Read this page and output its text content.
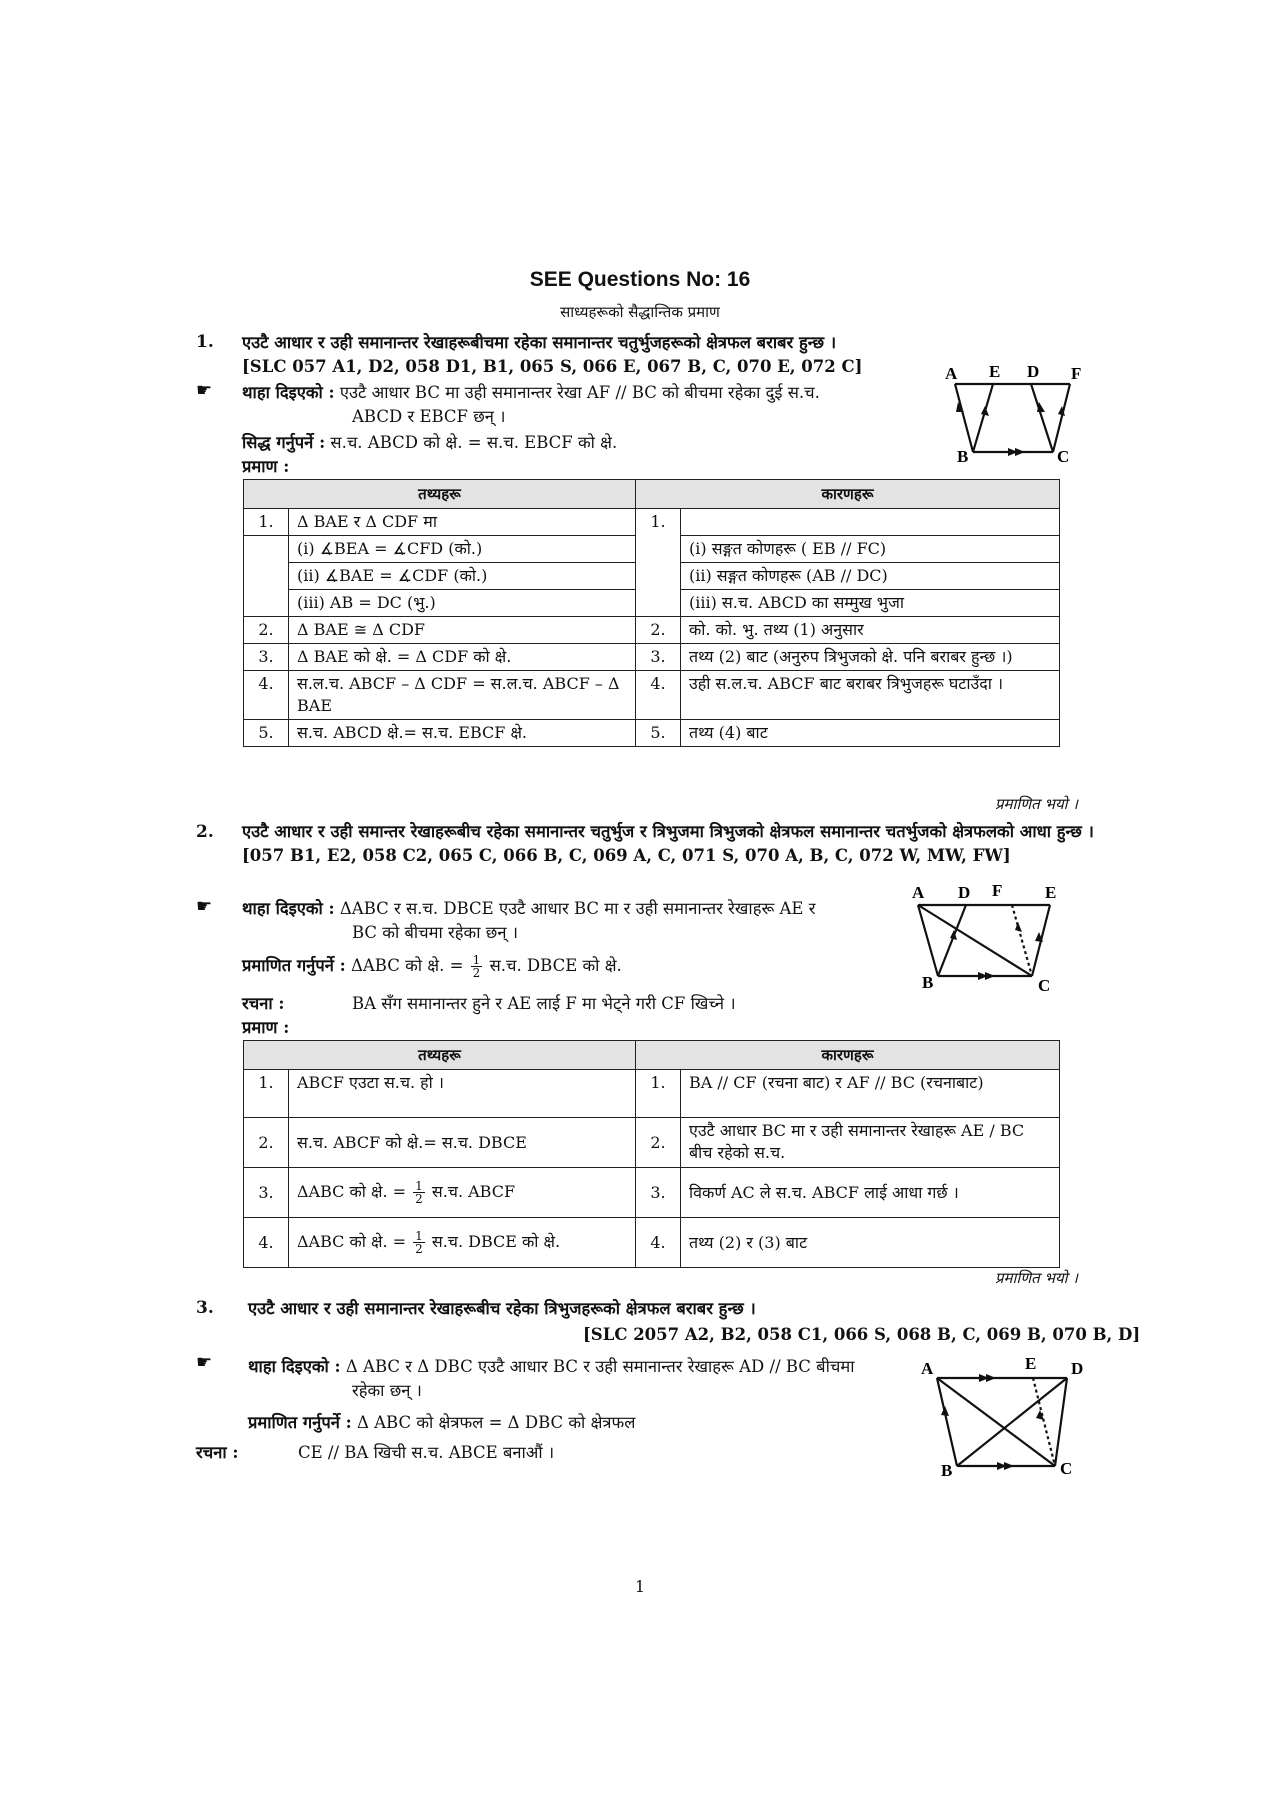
SEE Questions No: 16
साध्यहरूको सैद्धान्तिक प्रमाण
1. एउटै आधार र उही समानान्तर रेखाहरूबीचमा रहेका समानान्तर चतुर्भुजहरूको क्षेत्रफल बराबर हुन्छ ।
[SLC 057 A1, D2, 058 D1, B1, 065 S, 066 E, 067 B, C, 070 E, 072 C]
☛ थाहा दिइएको : एउटै आधार BC मा उही समानान्तर रेखा AF // BC को बीचमा रहेका दुई स.च.
ABCD र EBCF छन् ।
सिद्ध गर्नुपर्ने : स.च. ABCD को क्षे. = स.च. EBCF को क्षे.
प्रमाण :
A E D F
B	C
तथ्यहरू		कारणहरू	
1.	Δ BAE र Δ CDF मा	1.	
	(i) ∡BEA = ∡CFD (को.)		(i) सङ्गत कोणहरू ( EB // FC)
	(ii) ∡BAE = ∡CDF (को.)		(ii) सङ्गत कोणहरू (AB // DC)
	(iii) AB = DC (भु.)		(iii) स.च. ABCD का सम्मुख भुजा
2.	Δ BAE ≅ Δ CDF	2.	को. को. भु. तथ्य (1) अनुसार
3.	Δ BAE को क्षे. = Δ CDF को क्षे.	3.	तथ्य (2) बाट (अनुरुप त्रिभुजको क्षे. पनि बराबर हुन्छ ।)
4.	स.ल.च. ABCF – Δ CDF = स.ल.च. ABCF – Δ BAE	4.	उही स.ल.च. ABCF बाट बराबर त्रिभुजहरू घटाउँदा ।
5.	स.च. ABCD क्षे.= स.च. EBCF क्षे.	5.	तथ्य (4) बाट
प्रमाणित भयो ।
2. एउटै आधार र उही समान्तर रेखाहरूबीच रहेका समानान्तर चतुर्भुज र त्रिभुजमा त्रिभुजको क्षेत्रफल समानान्तर चतर्भुजको क्षेत्रफलको आधा हुन्छ । [057 B1, E2, 058 C2, 065 C, 066 B, C, 069 A, C, 071 S, 070 A, B, C, 072 W, MW, FW]
☛ थाहा दिइएको : ΔABC र स.च. DBCE एउटै आधार BC मा र उही समानान्तर रेखाहरू AE र
BC को बीचमा रहेका छन् ।
प्रमाणित गर्नुपर्ने : ΔABC को क्षे. = $\frac{1}{2}$ स.च. DBCE को क्षे.
रचना :	BA सँग समानान्तर हुने र AE लाई F मा भेट्ने गरी CF खिच्ने ।
प्रमाण :
A D F	E
B	C
तथ्यहरू		कारणहरू	
1.	ABCF एउटा स.च. हो ।	1.	BA // CF (रचना बाट) र AF // BC (रचनाबाट)
2.	स.च. ABCF को क्षे.= स.च. DBCE	2.	एउटै आधार BC मा र उही समानान्तर रेखाहरू AE / BC बीच रहेको स.च.
3.	ΔABC को क्षे. = $\frac{1}{2}$ स.च. ABCF	3.	विकर्ण AC ले स.च. ABCF लाई आधा गर्छ ।
4.	ΔABC को क्षे. = $\frac{1}{2}$ स.च. DBCE को क्षे.	4.	तथ्य (2) र (3) बाट
प्रमाणित भयो ।
3. एउटै आधार र उही समानान्तर रेखाहरूबीच रहेका त्रिभुजहरूको क्षेत्रफल बराबर हुन्छ ।
[SLC 2057 A2, B2, 058 C1, 066 S, 068 B, C, 069 B, 070 B, D]
☛ थाहा दिइएको : Δ ABC र Δ DBC एउटै आधार BC र उही समानान्तर रेखाहरू AD // BC बीचमा
रहेका छन् ।
प्रमाणित गर्नुपर्ने : Δ ABC को क्षेत्रफल = Δ DBC को क्षेत्रफल
रचना :	CE // BA खिची स.च. ABCE बनाऔं ।
A	E D
B	C
1
